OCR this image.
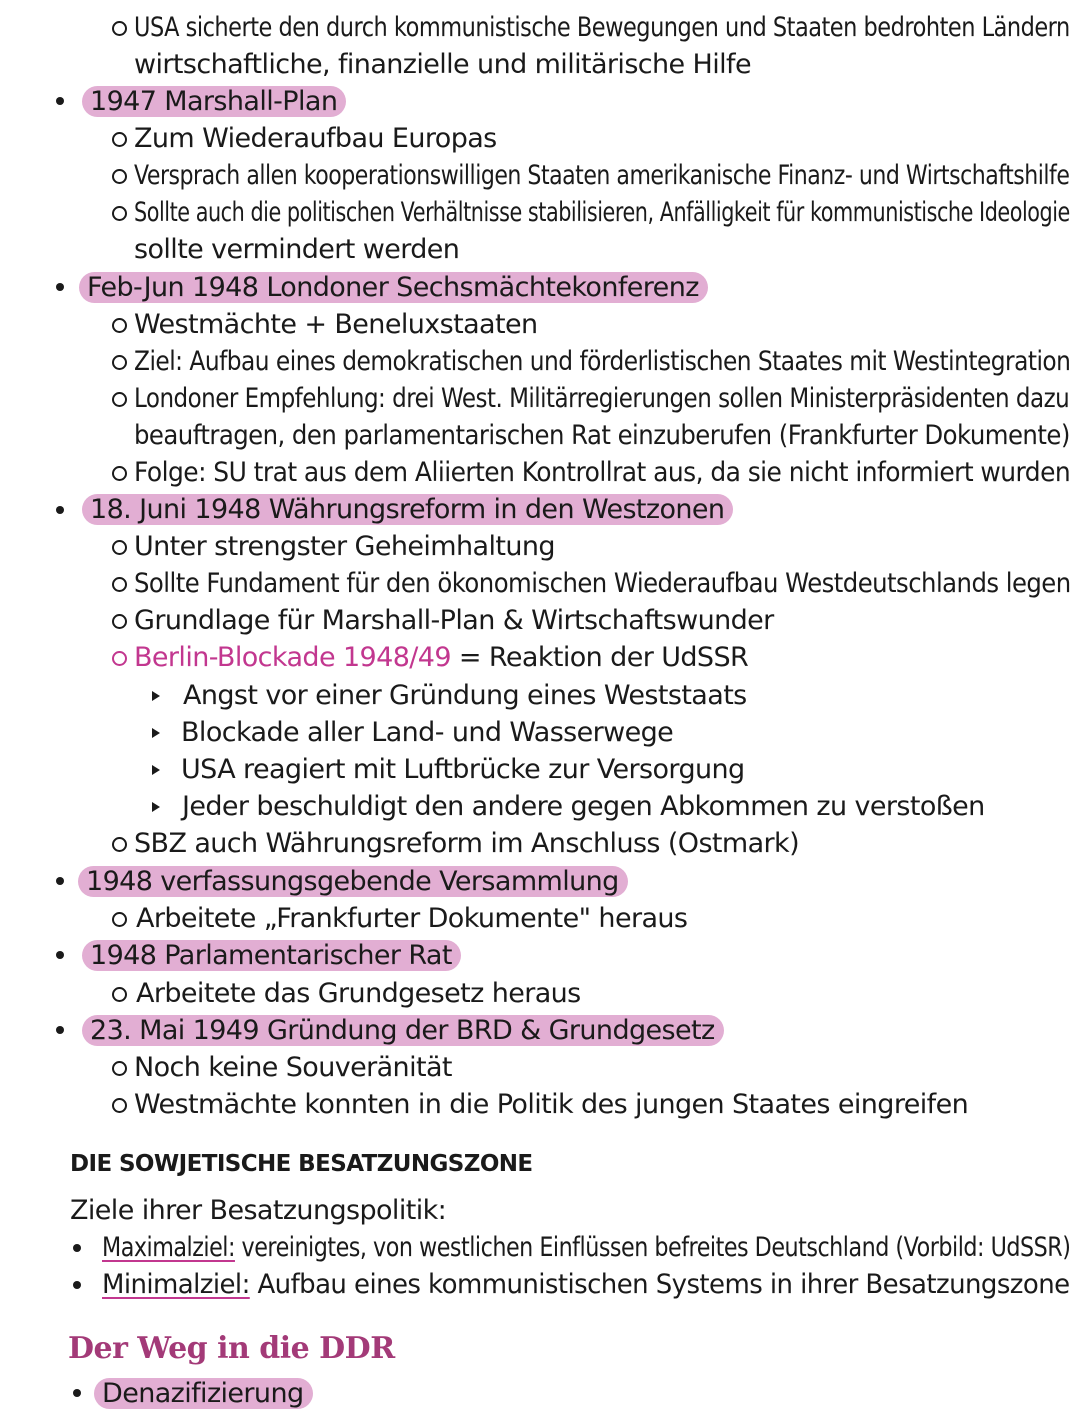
USA sicherte den durch kommunistische Bewegungen und Staaten bedrohten Ländern
wirtschaftliche, finanzielle und militärische Hilfe
1947 Marshall-Plan
Zum Wiederaufbau Europas
Versprach allen kooperationswilligen Staaten amerikanische Finanz- und Wirtschaftshilfe
Sollte auch die politischen Verhältnisse stabilisieren, Anfälligkeit für kommunistische Ideologie
sollte vermindert werden
Feb-Jun 1948 Londoner Sechsmächtekonferenz
Westmächte + Beneluxstaaten
Ziel: Aufbau eines demokratischen und förderlistischen Staates mit Westintegration
Londoner Empfehlung: drei West. Militärregierungen sollen Ministerpräsidenten dazu
beauftragen, den parlamentarischen Rat einzuberufen (Frankfurter Dokumente)
Folge: SU trat aus dem Aliierten Kontrollrat aus, da sie nicht informiert wurden
18. Juni 1948 Währungsreform in den Westzonen
Unter strengster Geheimhaltung
Sollte Fundament für den ökonomischen Wiederaufbau Westdeutschlands legen
Grundlage für Marshall-Plan & Wirtschaftswunder
Berlin-Blockade 1948/49 = Reaktion der UdSSR
Angst vor einer Gründung eines Weststaats
Blockade aller Land- und Wasserwege
USA reagiert mit Luftbrücke zur Versorgung
Jeder beschuldigt den andere gegen Abkommen zu verstoßen
SBZ auch Währungsreform im Anschluss (Ostmark)
1948 verfassungsgebende Versammlung
Arbeitete „Frankfurter Dokumente" heraus
1948 Parlamentarischer Rat
Arbeitete das Grundgesetz heraus
23. Mai 1949 Gründung der BRD & Grundgesetz
Noch keine Souveränität
Westmächte konnten in die Politik des jungen Staates eingreifen
DIE SOWJETISCHE BESATZUNGSZONE
Ziele ihrer Besatzungspolitik:
Maximalziel: vereinigtes, von westlichen Einflüssen befreites Deutschland (Vorbild: UdSSR)
Minimalziel: Aufbau eines kommunistischen Systems in ihrer Besatzungszone
Der Weg in die DDR
Denazifizierung
